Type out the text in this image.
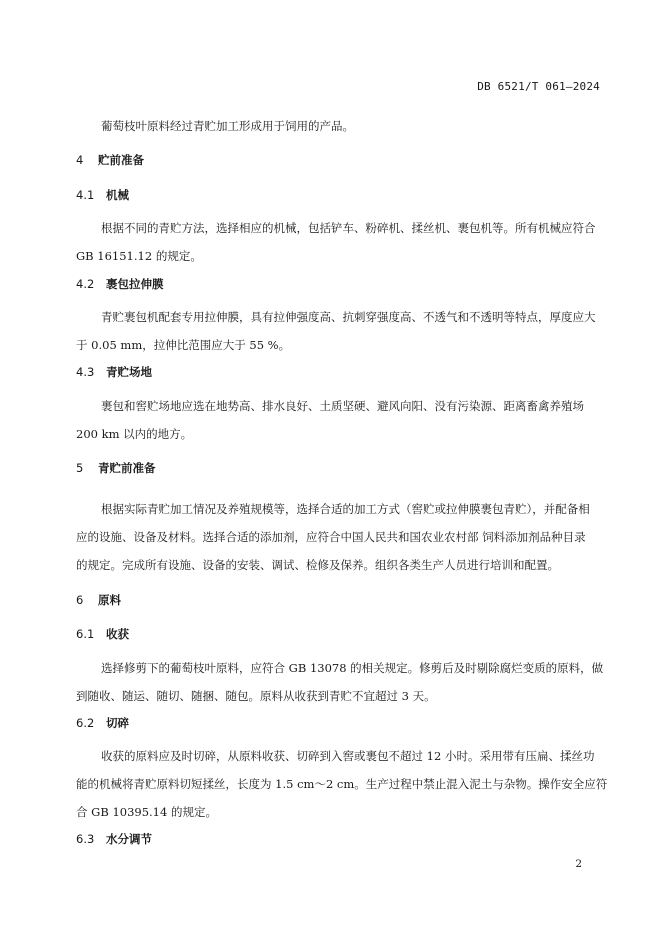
DB 6521/T 061—2024

葡萄枝叶原料经过青贮加工形成用于饲用的产品。

4 贮前准备
4.1 机械

根据不同的青贮方法，选择相应的机械，包括铲车、粉碎机、揉丝机、裹包机等。所有机械应符合
GB 16151.12 的规定。

4.2 裹包拉伸膜

青贮裹包机配套专用拉伸膜，具有拉伸强度高、抗刺穿强度高、不透气和不透明等特点，厚度应大
于 0.05 mm，拉伸比范围应大于 55 %。

4.3 青贮场地

裹包和窖贮场地应选在地势高、排水良好、土质坚硬、避风向阳、没有污染源、距离畜禽养殖场
200 km 以内的地方。

5 青贮前准备

根据实际青贮加工情况及养殖规模等，选择合适的加工方式（窖贮或拉伸膜裹包青贮），并配备相
应的设施、设备及材料。选择合适的添加剂，应符合中国人民共和国农业农村部 饲料添加剂品种目录
的规定。完成所有设施、设备的安装、调试、检修及保养。组织各类生产人员进行培训和配置。

6 原料
6.1 收获

选择修剪下的葡萄枝叶原料，应符合 GB 13078 的相关规定。修剪后及时剔除腐烂变质的原料，做
到随收、随运、随切、随捆、随包。原料从收获到青贮不宜超过 3 天。

6.2 切碎

收获的原料应及时切碎，从原料收获、切碎到入窖或裹包不超过 12 小时。采用带有压扁、揉丝功
能的机械将青贮原料切短揉丝，长度为 1.5 cm～2 cm。生产过程中禁止混入泥土与杂物。操作安全应符
合 GB 10395.14 的规定。

6.3 水分调节
2
